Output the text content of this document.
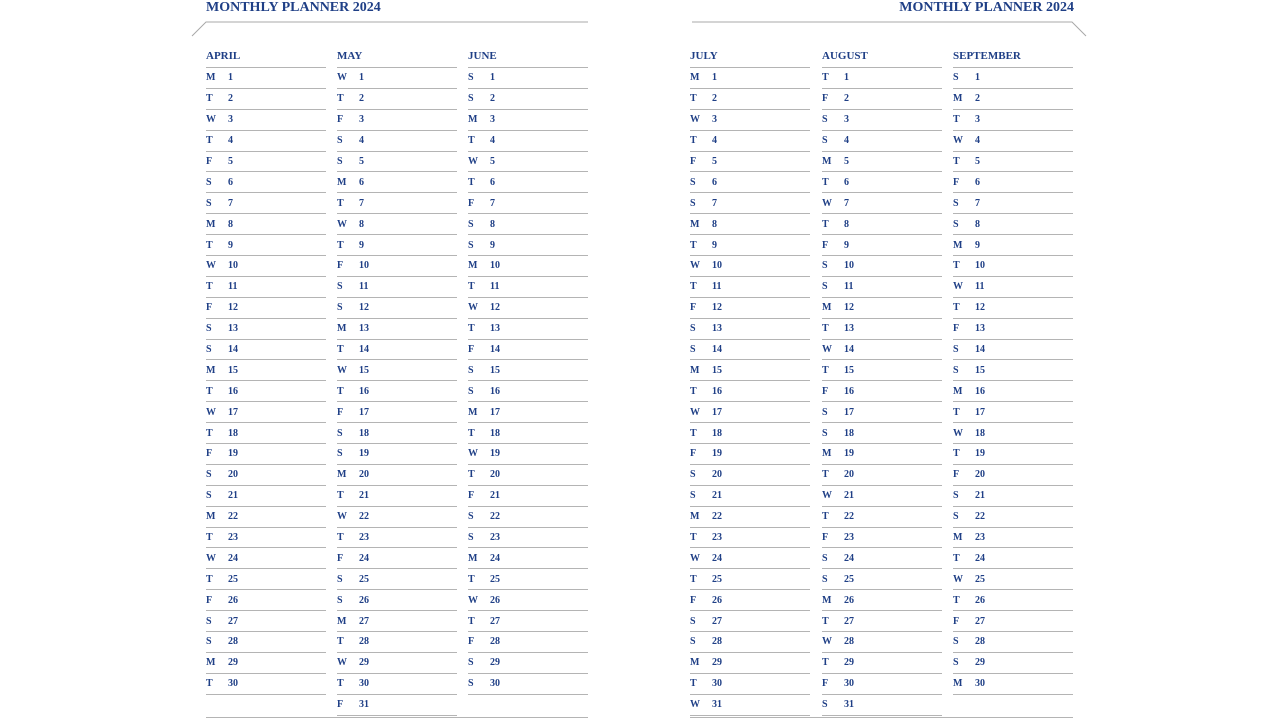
MONTHLY PLANNER 2024
APRIL
M	1
T	2
W	3
T	4
F	5
S	6
S	7
M	8
T	9
W	10
T	11
F	12
S	13
S	14
M	15
T	16
W	17
T	18
F	19
S	20
S	21
M	22
T	23
W	24
T	25
F	26
S	27
S	28
M	29
T	30
MAY
W	1
T	2
F	3
S	4
S	5
M	6
T	7
W	8
T	9
F	10
S	11
S	12
M	13
T	14
W	15
T	16
F	17
S	18
S	19
M	20
T	21
W	22
T	23
F	24
S	25
S	26
M	27
T	28
W	29
T	30
F	31
JUNE
S	1
S	2
M	3
T	4
W	5
T	6
F	7
S	8
S	9
M	10
T	11
W	12
T	13
F	14
S	15
S	16
M	17
T	18
W	19
T	20
F	21
S	22
S	23
M	24
T	25
W	26
T	27
F	28
S	29
S	30
MONTHLY PLANNER 2024
JULY
M	1
T	2
W	3
T	4
F	5
S	6
S	7
M	8
T	9
W	10
T	11
F	12
S	13
S	14
M	15
T	16
W	17
T	18
F	19
S	20
S	21
M	22
T	23
W	24
T	25
F	26
S	27
S	28
M	29
T	30
W	31
AUGUST
T	1
F	2
S	3
S	4
M	5
T	6
W	7
T	8
F	9
S	10
S	11
M	12
T	13
W	14
T	15
F	16
S	17
S	18
M	19
T	20
W	21
T	22
F	23
S	24
S	25
M	26
T	27
W	28
T	29
F	30
S	31
SEPTEMBER
S	1
M	2
T	3
W	4
T	5
F	6
S	7
S	8
M	9
T	10
W	11
T	12
F	13
S	14
S	15
M	16
T	17
W	18
T	19
F	20
S	21
S	22
M	23
T	24
W	25
T	26
F	27
S	28
S	29
M	30
